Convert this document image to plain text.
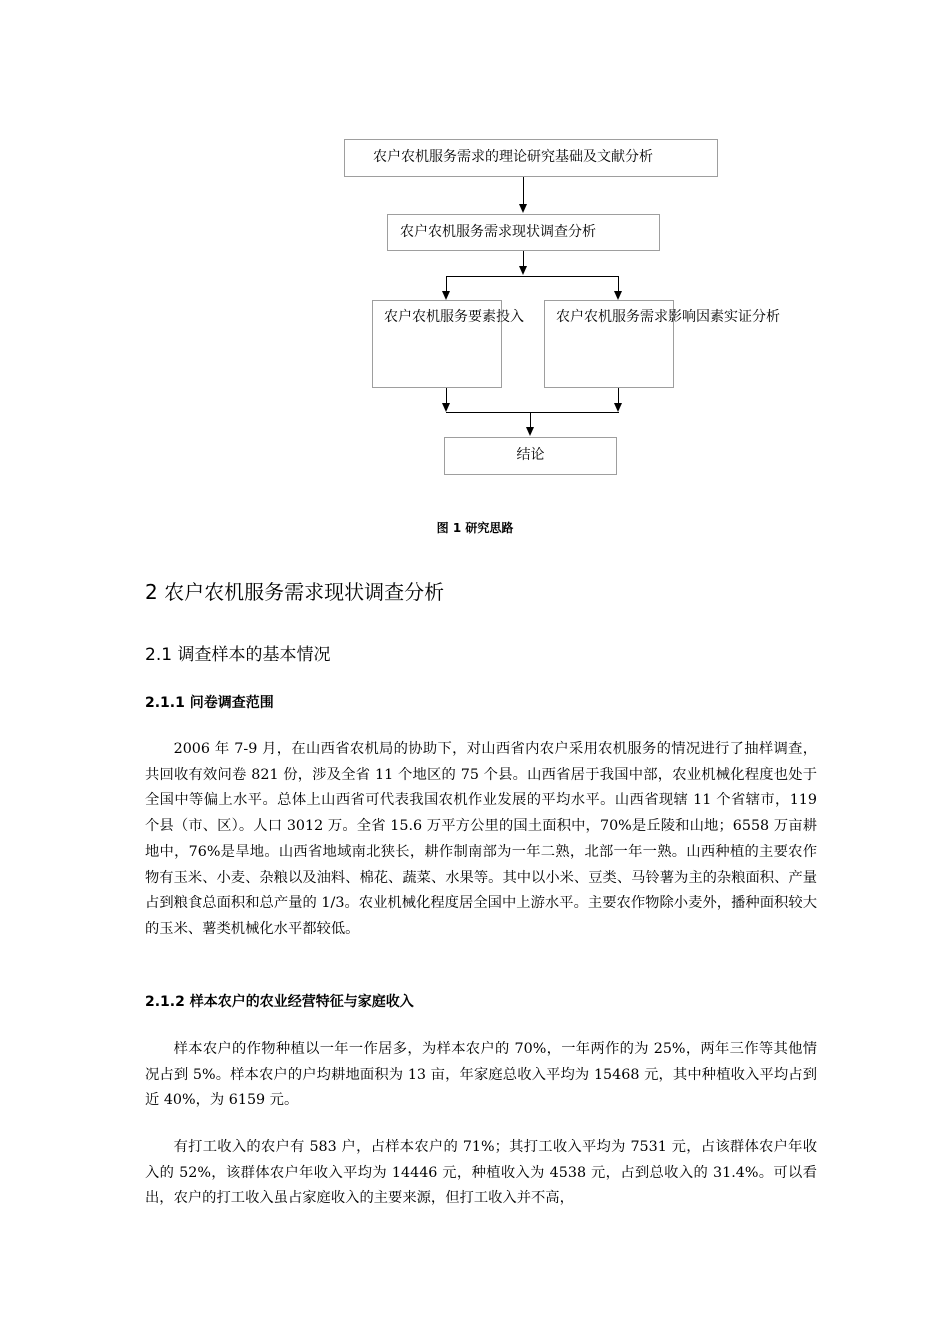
农户农机服务需求的理论研究基础及文献分析
农户农机服务需求现状调查分析
农户农机服务要素投入 农户农机服务需求影响因素实证分析
结论
图 1 研究思路
2 农户农机服务需求现状调查分析
2.1 调查样本的基本情况
2.1.1 问卷调查范围

2006 年 7-9 月，在山西省农机局的协助下，对山西省内农户采用农机服务的情况进行了抽样调查，共回收有效问卷 821 份，涉及全省 11 个地区的 75 个县。山西省居于我国中部，农业机械化程度也处于全国中等偏上水平。总体上山西省可代表我国农机作业发展的平均水平。山西省现辖 11 个省辖市，119 个县（市、区）。人口 3012 万。全省 15.6 万平方公里的国土面积中，70%是丘陵和山地；6558 万亩耕地中，76%是旱地。山西省地域南北狭长，耕作制南部为一年二熟，北部一年一熟。山西种植的主要农作物有玉米、小麦、杂粮以及油料、棉花、蔬菜、水果等。其中以小米、豆类、马铃薯为主的杂粮面积、产量占到粮食总面积和总产量的 1/3。农业机械化程度居全国中上游水平。主要农作物除小麦外，播种面积较大的玉米、薯类机械化水平都较低。

2.1.2 样本农户的农业经营特征与家庭收入

样本农户的作物种植以一年一作居多，为样本农户的 70%，一年两作的为 25%，两年三作等其他情况占到 5%。样本农户的户均耕地面积为 13 亩，年家庭总收入平均为 15468 元，其中种植收入平均占到近 40%，为 6159 元。

有打工收入的农户有 583 户，占样本农户的 71%；其打工收入平均为 7531 元，占该群体农户年收入的 52%，该群体农户年收入平均为 14446 元，种植收入为 4538 元，占到总收入的 31.4%。可以看出，农户的打工收入虽占家庭收入的主要来源，但打工收入并不高，
